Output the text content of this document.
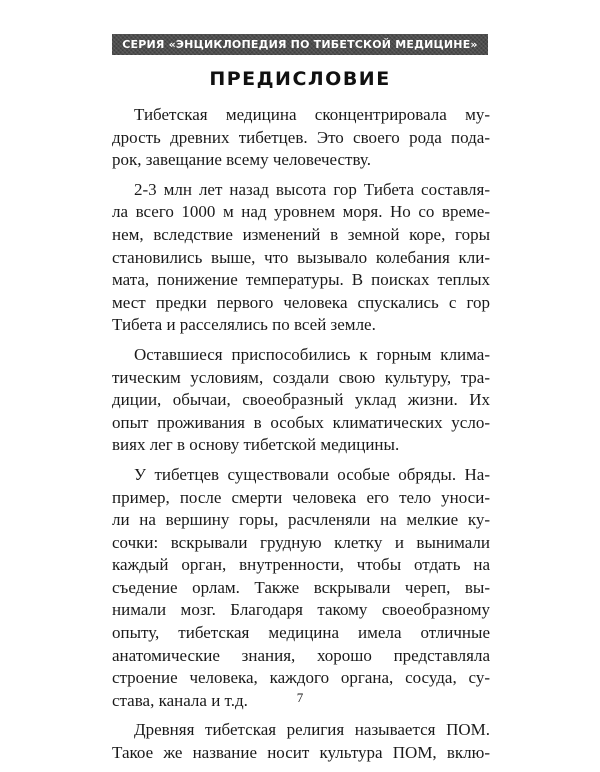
СЕРИЯ «ЭНЦИКЛОПЕДИЯ ПО ТИБЕТСКОЙ МЕДИЦИНЕ»
ПРЕДИСЛОВИЕ

Тибетская медицина сконцентрировала му-
дрость древних тибетцев. Это своего рода пода-
рок, завещание всему человечеству.

2-3 млн лет назад высота гор Тибета составля-
ла всего 1000 м над уровнем моря. Но со време-
нем, вследствие изменений в земной коре, горы
становились выше, что вызывало колебания кли-
мата, понижение температуры. В поисках теплых
мест предки первого человека спускались с гор
Тибета и расселялись по всей земле.

Оставшиеся приспособились к горным клима-
тическим условиям, создали свою культуру, тра-
диции, обычаи, своеобразный уклад жизни. Их
опыт проживания в особых климатических усло-
виях лег в основу тибетской медицины.

У тибетцев существовали особые обряды. На-
пример, после смерти человека его тело уноси-
ли на вершину горы, расчленяли на мелкие ку-
сочки: вскрывали грудную клетку и вынимали
каждый орган, внутренности, чтобы отдать на
съедение орлам. Также вскрывали череп, вы-
нимали мозг. Благодаря такому своеобразному
опыту, тибетская медицина имела отличные
анатомические знания, хорошо представляла
строение человека, каждого органа, сосуда, су-
става, канала и т.д.

Древняя тибетская религия называется ПОМ.
Такое же название носит культура ПОМ, вклю-

7
